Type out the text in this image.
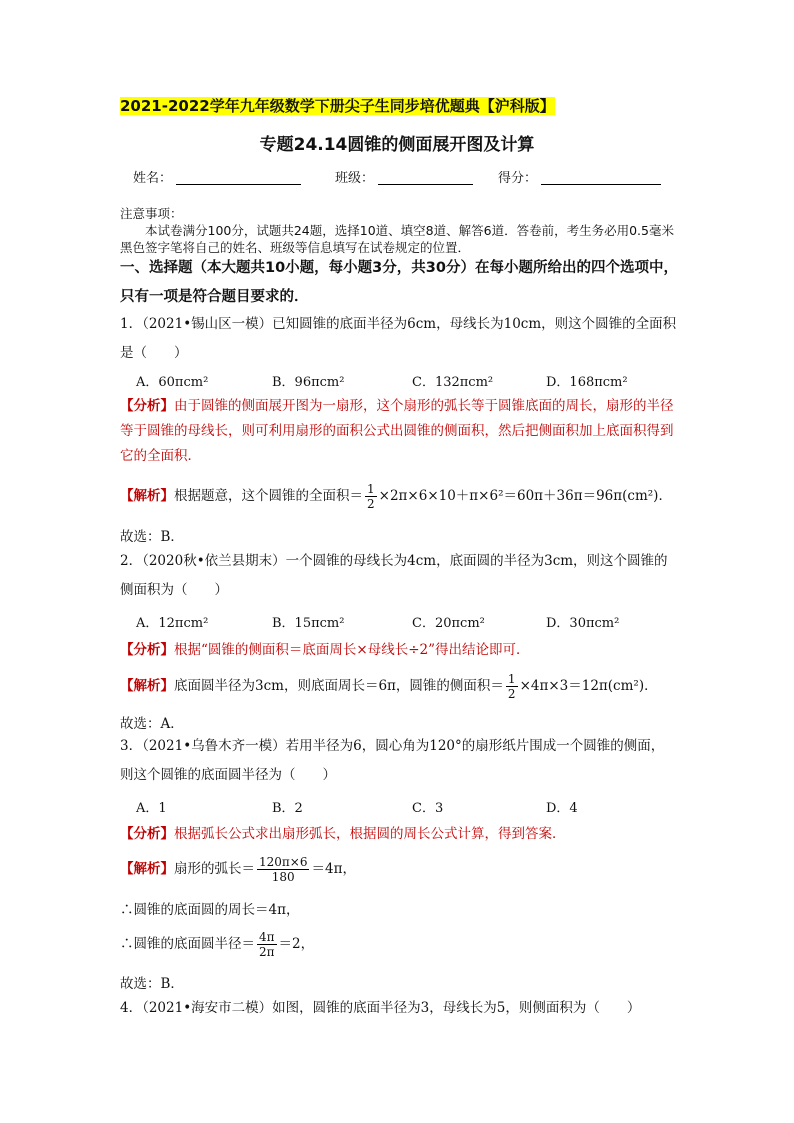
2021-2022学年九年级数学下册尖子生同步培优题典【沪科版】
专题24.14圆锥的侧面展开图及计算
姓名：	班级：	得分：
注意事项：
本试卷满分100分，试题共24题，选择10道、填空8道、解答6道．答卷前，考生务必用0.5毫米黑色签字笔将自己的姓名、班级等信息填写在试卷规定的位置．
一、选择题（本大题共10小题，每小题3分，共30分）在每小题所给出的四个选项中，
只有一项是符合题目要求的．
1．（2021•锡山区一模）已知圆锥的底面半径为6cm，母线长为10cm，则这个圆锥的全面积
是（　　）
A．60πcm²	B．96πcm²	C．132πcm²	D．168πcm²
【分析】由于圆锥的侧面展开图为一扇形，这个扇形的弧长等于圆锥底面的周长，扇形的半径等于圆锥的母线长，则可利用扇形的面积公式出圆锥的侧面积，然后把侧面积加上底面积得到它的全面积．
【解析】根据题意，这个圆锥的全面积＝ $\frac{1}{2} \times 2\pi\times 6\times 10+\pi\times 6^2=60\pi+36\pi=96\pi(cm^2)$．
故选：B．
2．（2020秋•依兰县期末）一个圆锥的母线长为4cm，底面圆的半径为3cm，则这个圆锥的
侧面积为（　　）
A．12πcm²	B．15πcm²	C．20πcm²	D．30πcm²
【分析】根据“圆锥的侧面积＝底面周长×母线长÷2”得出结论即可．
【解析】底面圆半径为3cm，则底面周长＝6π，圆锥的侧面积＝ $\frac{1}{2} \times 4\pi\times 3=12\pi(cm^2)$．
故选：A．
3．（2021•乌鲁木齐一模）若用半径为6，圆心角为120°的扇形纸片围成一个圆锥的侧面，
则这个圆锥的底面圆半径为（　　）
A．1	B．2	C．3	D．4
【分析】根据弧长公式求出扇形弧长，根据圆的周长公式计算，得到答案．
【解析】扇形的弧长＝ $\frac{120\pi\times 6}{180} =4\pi$，
∴圆锥的底面圆的周长＝4π，
∴圆锥的底面圆半径＝ $\frac{4\pi}{2\pi} =2$，
故选：B．
4．（2021•海安市二模）如图，圆锥的底面半径为3，母线长为5，则侧面积为（　　）
